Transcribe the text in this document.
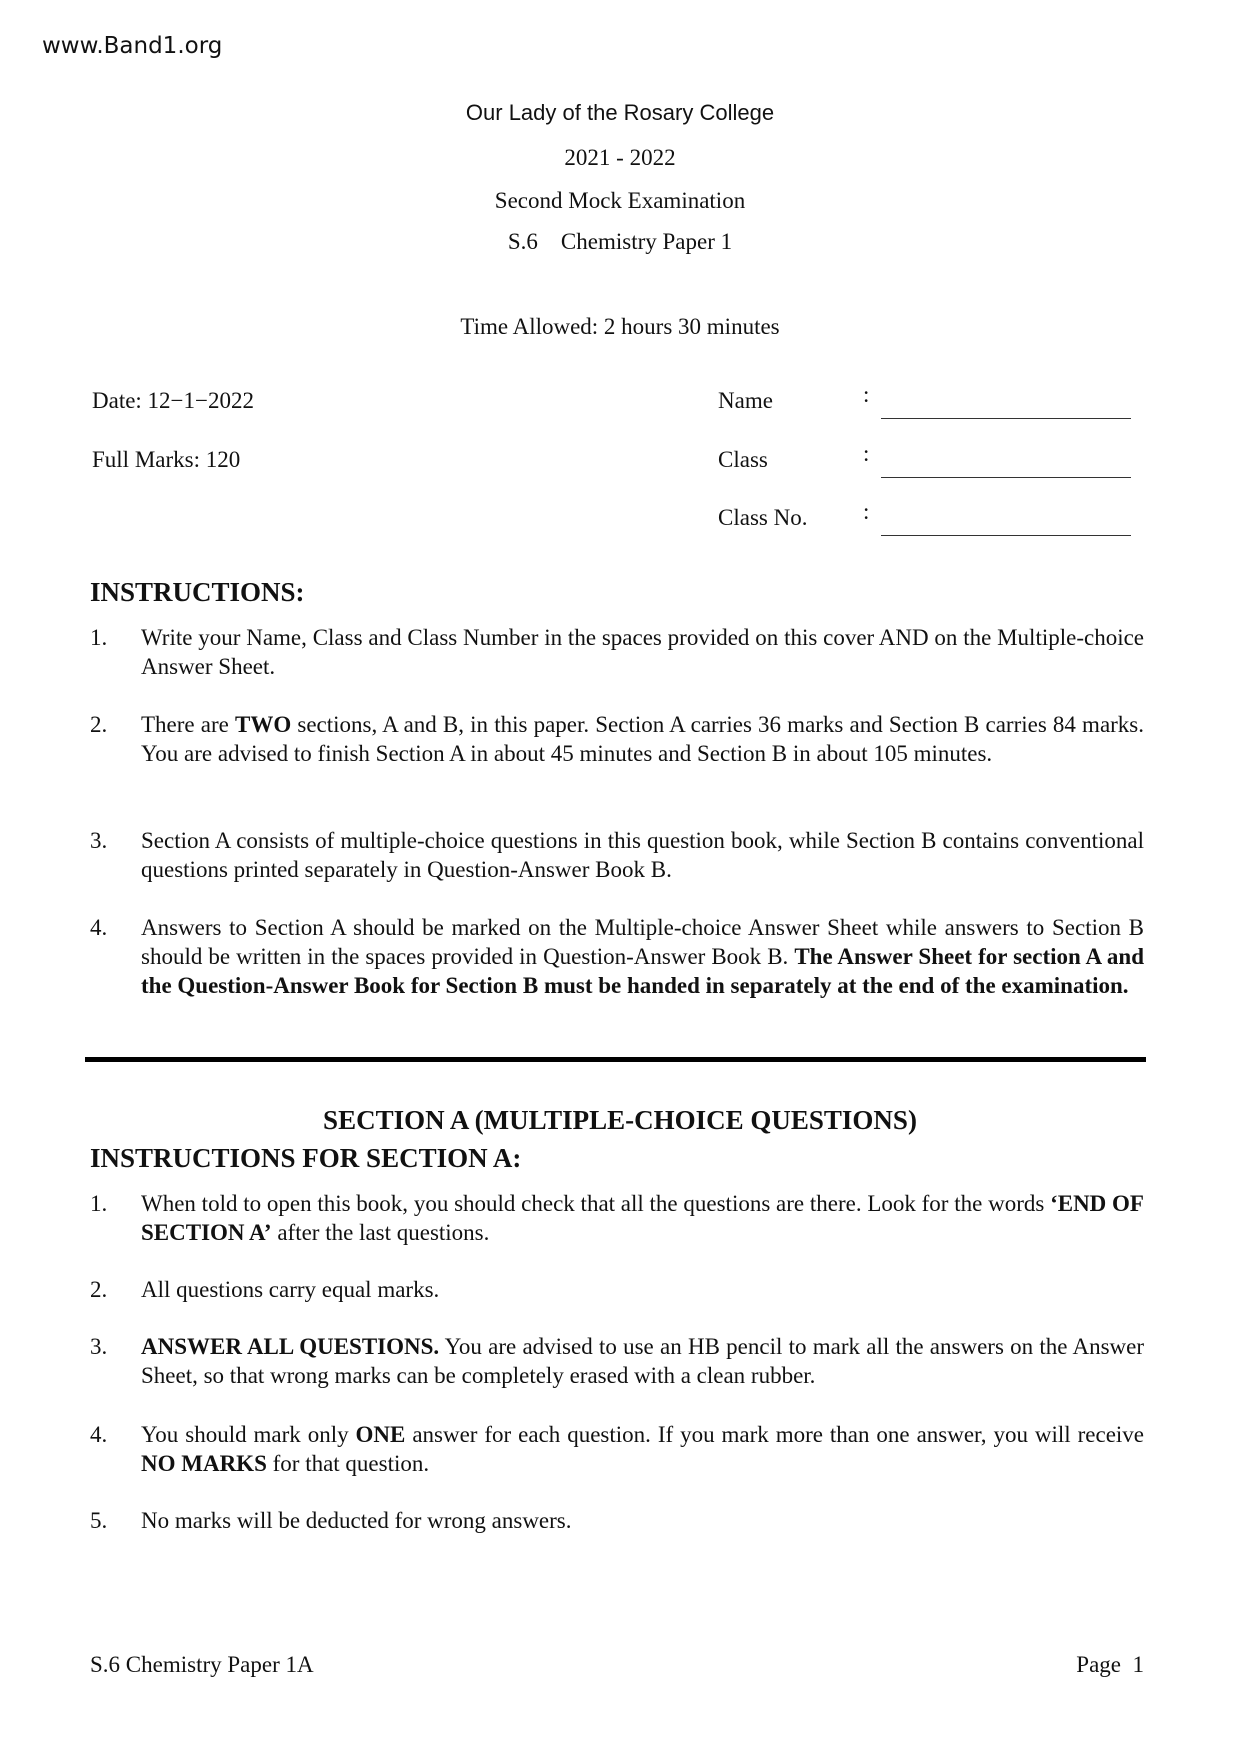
www.Band1.org
Our Lady of the Rosary College
2021 - 2022
Second Mock Examination
S.6    Chemistry Paper 1
Time Allowed: 2 hours 30 minutes
Date: 12−1−2022
Full Marks: 120
Name	:
Class	:
Class No. :
INSTRUCTIONS:
1. Write your Name, Class and Class Number in the spaces provided on this cover AND on the Multiple-choice Answer Sheet.
2. There are TWO sections, A and B, in this paper. Section A carries 36 marks and Section B carries 84 marks. You are advised to finish Section A in about 45 minutes and Section B in about 105 minutes.
3. Section A consists of multiple-choice questions in this question book, while Section B contains conventional questions printed separately in Question-Answer Book B.
4. Answers to Section A should be marked on the Multiple-choice Answer Sheet while answers to Section B should be written in the spaces provided in Question-Answer Book B. The Answer Sheet for section A and the Question-Answer Book for Section B must be handed in separately at the end of the examination.
SECTION A (MULTIPLE-CHOICE QUESTIONS)
INSTRUCTIONS FOR SECTION A:
1. When told to open this book, you should check that all the questions are there. Look for the words ‘END OF SECTION A’ after the last questions.
2. All questions carry equal marks.
3. ANSWER ALL QUESTIONS. You are advised to use an HB pencil to mark all the answers on the Answer Sheet, so that wrong marks can be completely erased with a clean rubber.
4. You should mark only ONE answer for each question. If you mark more than one answer, you will receive NO MARKS for that question.
5. No marks will be deducted for wrong answers.
S.6 Chemistry Paper 1A	Page  1
